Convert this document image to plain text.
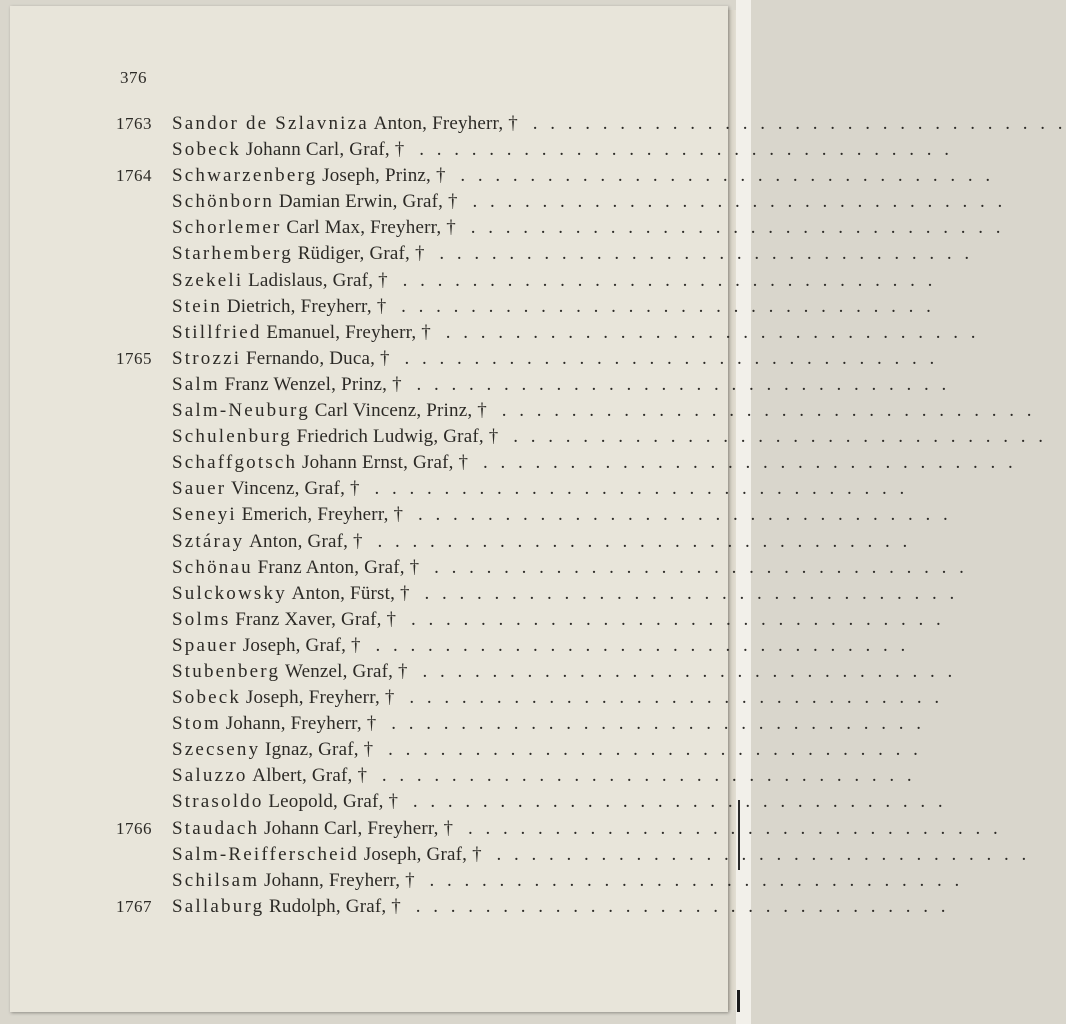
376
1763 Sandor de Szlavniza Anton, Freyherr, † . . . . . . . . . . . . . . . . . . . . . . . . . . . . . . .
Sobeck Johann Carl, Graf, † . . . . . . . . . . . . . . . . . . . . . . . . . . . . . . .
1764 Schwarzenberg Joseph, Prinz, † . . . . . . . . . . . . . . . . . . . . . . . . . . . . . . .
Schönborn Damian Erwin, Graf, † . . . . . . . . . . . . . . . . . . . . . . . . . . . . . . .
Schorlemer Carl Max, Freyherr, † . . . . . . . . . . . . . . . . . . . . . . . . . . . . . . .
Starhemberg Rüdiger, Graf, † . . . . . . . . . . . . . . . . . . . . . . . . . . . . . . .
Szekeli Ladislaus, Graf, † . . . . . . . . . . . . . . . . . . . . . . . . . . . . . . .
Stein Dietrich, Freyherr, † . . . . . . . . . . . . . . . . . . . . . . . . . . . . . . .
Stillfried Emanuel, Freyherr, † . . . . . . . . . . . . . . . . . . . . . . . . . . . . . . .
1765 Strozzi Fernando, Duca, † . . . . . . . . . . . . . . . . . . . . . . . . . . . . . . .
Salm Franz Wenzel, Prinz, † . . . . . . . . . . . . . . . . . . . . . . . . . . . . . . .
Salm-Neuburg Carl Vincenz, Prinz, † . . . . . . . . . . . . . . . . . . . . . . . . . . . . . . .
Schulenburg Friedrich Ludwig, Graf, † . . . . . . . . . . . . . . . . . . . . . . . . . . . . . . .
Schaffgotsch Johann Ernst, Graf, † . . . . . . . . . . . . . . . . . . . . . . . . . . . . . . .
Sauer Vincenz, Graf, † . . . . . . . . . . . . . . . . . . . . . . . . . . . . . . .
Seneyi Emerich, Freyherr, † . . . . . . . . . . . . . . . . . . . . . . . . . . . . . . .
Sztáray Anton, Graf, † . . . . . . . . . . . . . . . . . . . . . . . . . . . . . . .
Schönau Franz Anton, Graf, † . . . . . . . . . . . . . . . . . . . . . . . . . . . . . . .
Sulckowsky Anton, Fürst, † . . . . . . . . . . . . . . . . . . . . . . . . . . . . . . .
Solms Franz Xaver, Graf, † . . . . . . . . . . . . . . . . . . . . . . . . . . . . . . .
Spauer Joseph, Graf, † . . . . . . . . . . . . . . . . . . . . . . . . . . . . . . .
Stubenberg Wenzel, Graf, † . . . . . . . . . . . . . . . . . . . . . . . . . . . . . . .
Sobeck Joseph, Freyherr, † . . . . . . . . . . . . . . . . . . . . . . . . . . . . . . .
Stom Johann, Freyherr, † . . . . . . . . . . . . . . . . . . . . . . . . . . . . . . .
Szecseny Ignaz, Graf, † . . . . . . . . . . . . . . . . . . . . . . . . . . . . . . .
Saluzzo Albert, Graf, † . . . . . . . . . . . . . . . . . . . . . . . . . . . . . . .
Strasoldo Leopold, Graf, † . . . . . . . . . . . . . . . . . . . . . . . . . . . . . . .
1766 Staudach Johann Carl, Freyherr, † . . . . . . . . . . . . . . . . . . . . . . . . . . . . . . .
Salm-Reifferscheid Joseph, Graf, † . . . . . . . . . . . . . . . . . . . . . . . . . . . . . . .
Schilsam Johann, Freyherr, † . . . . . . . . . . . . . . . . . . . . . . . . . . . . . . .
1767 Sallaburg Rudolph, Graf, † . . . . . . . . . . . . . . . . . . . . . . . . . . . . . . .
